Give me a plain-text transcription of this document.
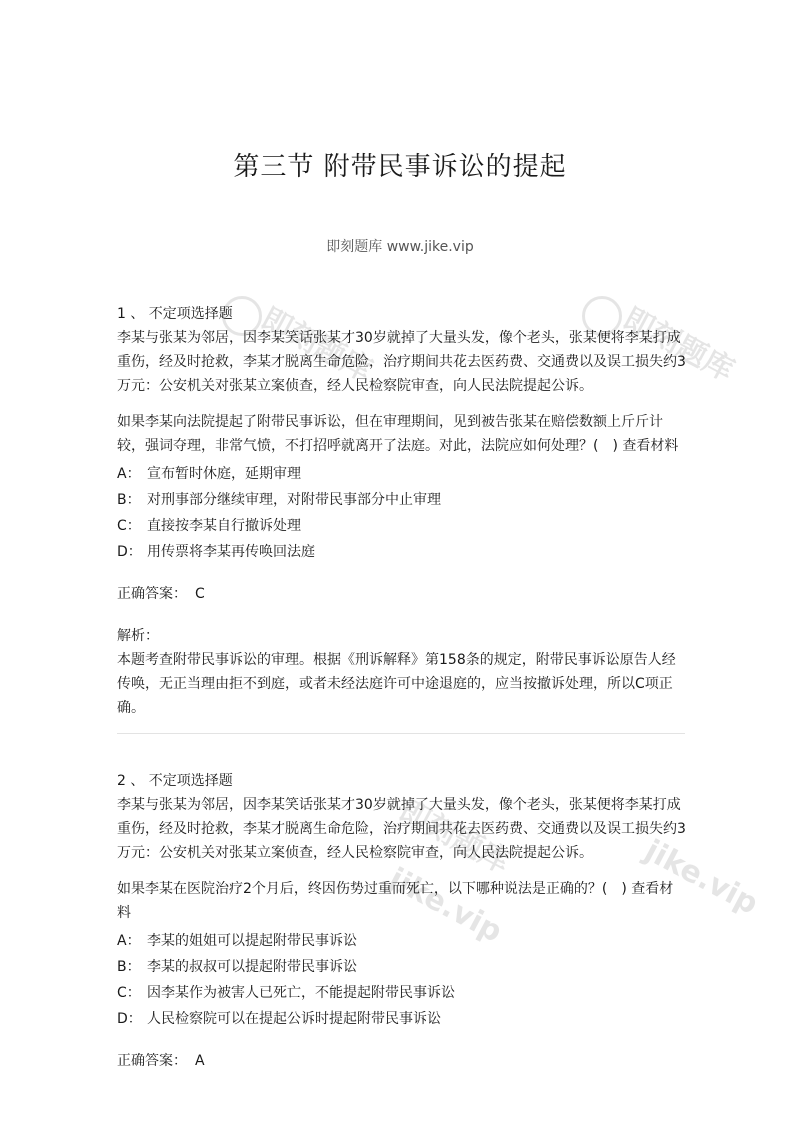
即刻题库	即刻题库
即刻题库
jike.vip	jike.vip
第三节 附带民事诉讼的提起
即刻题库 www.jike.vip

1 、 不定项选择题

李某与张某为邻居，因李某笑话张某才30岁就掉了大量头发，像个老头，张某便将李某打成重伤，经及时抢救，李某才脱离生命危险，治疗期间共花去医药费、交通费以及误工损失约3万元：公安机关对张某立案侦查，经人民检察院审查，向人民法院提起公诉。

如果李某向法院提起了附带民事诉讼，但在审理期间，见到被告张某在赔偿数额上斤斤计较，强词夺理，非常气愤，不打招呼就离开了法庭。对此，法院应如何处理？(　) 查看材料

A： 宣布暂时休庭，延期审理

B： 对刑事部分继续审理，对附带民事部分中止审理

C： 直接按李某自行撤诉处理

D： 用传票将李某再传唤回法庭

正确答案： C
解析：

本题考查附带民事诉讼的审理。根据《刑诉解释》第158条的规定，附带民事诉讼原告人经传唤，无正当理由拒不到庭，或者未经法庭许可中途退庭的，应当按撤诉处理，所以C项正确。

2 、 不定项选择题

李某与张某为邻居，因李某笑话张某才30岁就掉了大量头发，像个老头，张某便将李某打成重伤，经及时抢救，李某才脱离生命危险，治疗期间共花去医药费、交通费以及误工损失约3万元：公安机关对张某立案侦查，经人民检察院审查，向人民法院提起公诉。

如果李某在医院治疗2个月后，终因伤势过重而死亡，以下哪种说法是正确的？(　) 查看材料

A： 李某的姐姐可以提起附带民事诉讼

B： 李某的叔叔可以提起附带民事诉讼

C： 因李某作为被害人已死亡，不能提起附带民事诉讼

D： 人民检察院可以在提起公诉时提起附带民事诉讼

正确答案： A
